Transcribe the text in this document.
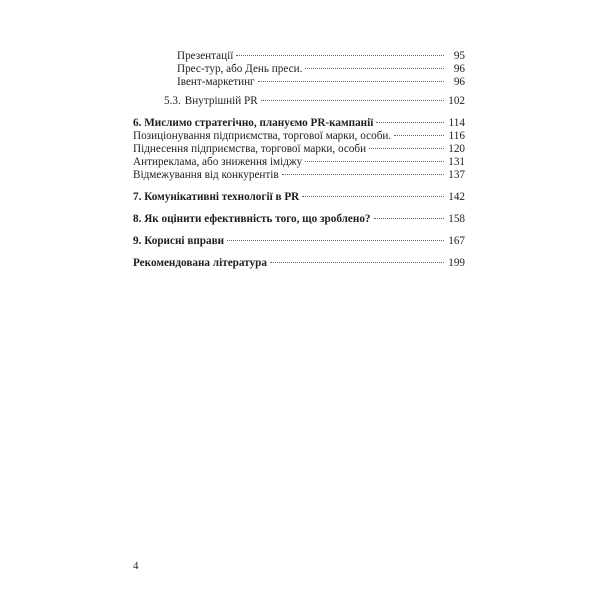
Презентації	95
Прес-тур, або День преси.	96
Івент-маркетинг	96
5.3. Внутрішній PR	102
6. Мислимо стратегічно, плануємо PR-кампанії	114
Позиціонування підприємства, торгової марки, особи.	116
Піднесення підприємства, торгової марки, особи	120
Антиреклама, або зниження іміджу	131
Відмежування від конкурентів	137
7. Комунікативні технології в PR	142
8. Як оцінити ефективність того, що зроблено?	158
9. Корисні вправи	167
Рекомендована література	199
4
